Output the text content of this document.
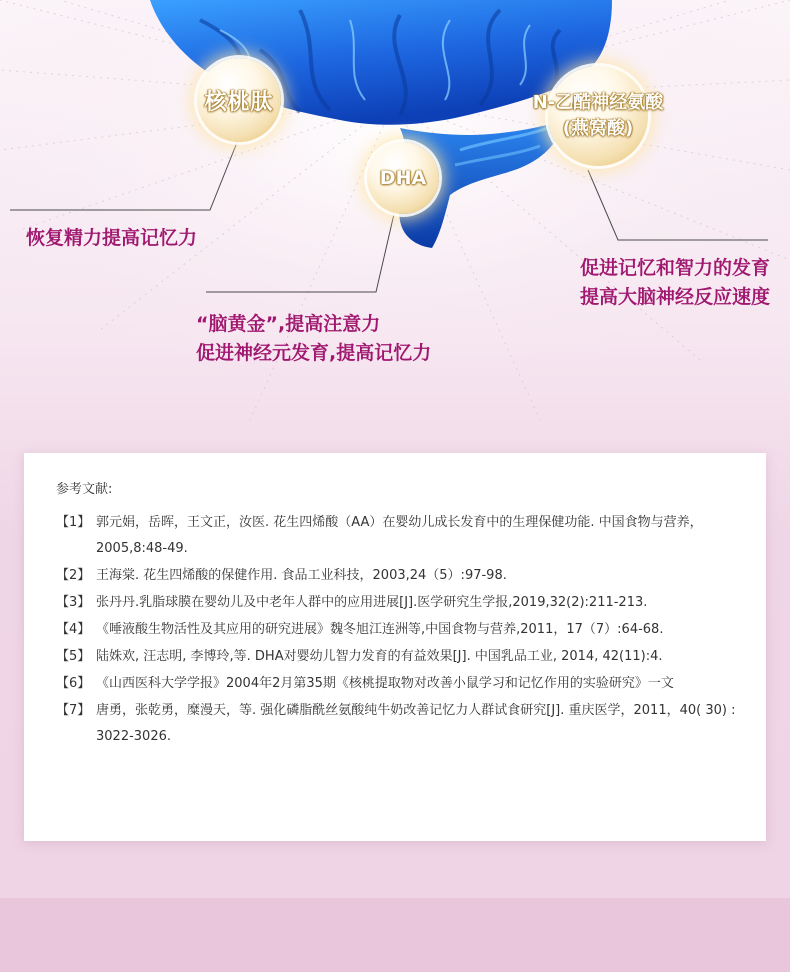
核桃肽
DHA
N-乙酷神经氨酸
(燕窝酸)
恢复精力提高记忆力
“脑黄金”,提高注意力
促进神经元发育,提高记忆力
促进记忆和智力的发育
提高大脑神经反应速度
参考文献:
【1】 郭元娟，岳晖，王文正，汝医. 花生四烯酸（AA）在婴幼儿成长发育中的生理保健功能. 中国食物与营养，2005,8:48-49.
【2】 王海棠. 花生四烯酸的保健作用. 食品工业科技，2003,24（5）:97-98.
【3】 张丹丹.乳脂球膜在婴幼儿及中老年人群中的应用进展[J].医学研究生学报,2019,32(2):211-213.
【4】 《唾液酸生物活性及其应用的研究进展》魏冬旭江连洲等,中国食物与营养,2011，17（7）:64-68.
【5】 陆姝欢, 汪志明, 李博玲,等. DHA对婴幼儿智力发育的有益效果[J]. 中国乳品工业, 2014, 42(11):4.
【6】 《山西医科大学学报》2004年2月第35期《核桃提取物对改善小鼠学习和记忆作用的实验研究》一文
【7】 唐勇，张乾勇，糜漫天，等. 强化磷脂酰丝氨酸纯牛奶改善记忆力人群试食研究[J]. 重庆医学，2011，40( 30) : 3022-3026.
